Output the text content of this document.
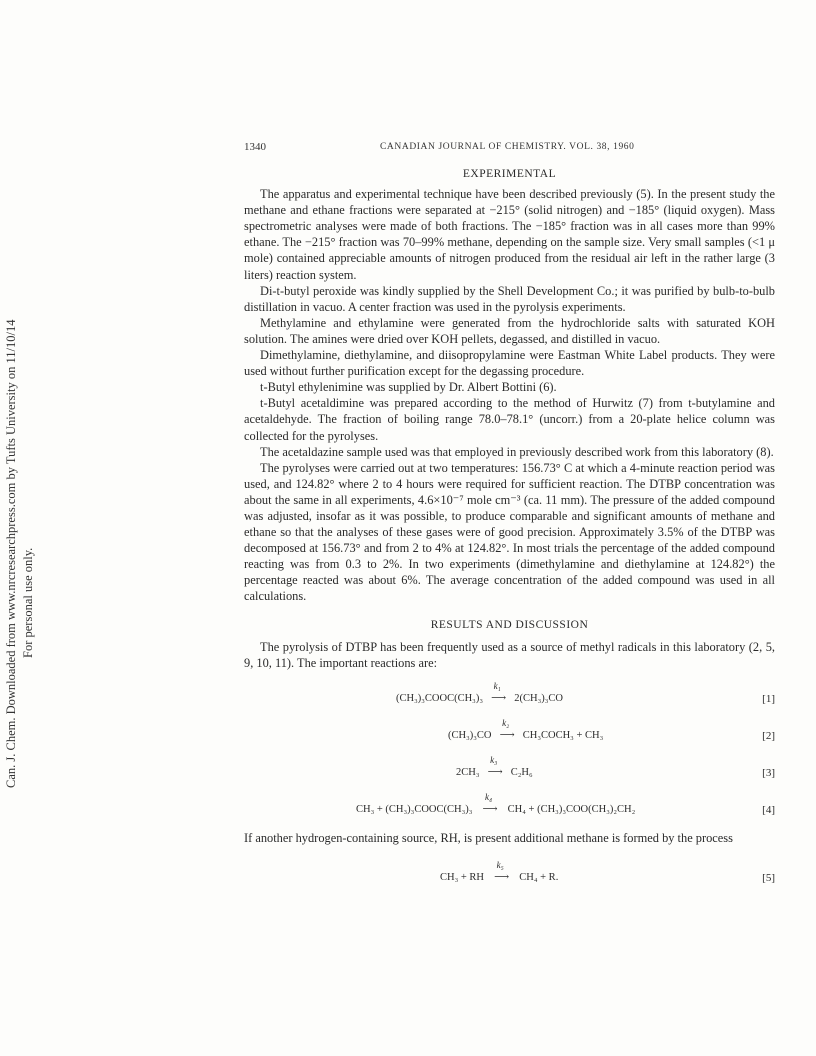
Can. J. Chem. Downloaded from www.nrcresearchpress.com by Tufts University on 11/10/14 For personal use only.
1340	CANADIAN JOURNAL OF CHEMISTRY. VOL. 38, 1960
EXPERIMENTAL

The apparatus and experimental technique have been described previously (5). In the present study the methane and ethane fractions were separated at −215° (solid nitrogen) and −185° (liquid oxygen). Mass spectrometric analyses were made of both fractions. The −185° fraction was in all cases more than 99% ethane. The −215° fraction was 70–99% methane, depending on the sample size. Very small samples (<1 μ mole) contained appreciable amounts of nitrogen produced from the residual air left in the rather large (3 liters) reaction system.

Di-t-butyl peroxide was kindly supplied by the Shell Development Co.; it was purified by bulb-to-bulb distillation in vacuo. A center fraction was used in the pyrolysis experiments.

Methylamine and ethylamine were generated from the hydrochloride salts with saturated KOH solution. The amines were dried over KOH pellets, degassed, and distilled in vacuo.

Dimethylamine, diethylamine, and diisopropylamine were Eastman White Label products. They were used without further purification except for the degassing procedure.

t-Butyl ethylenimine was supplied by Dr. Albert Bottini (6).

t-Butyl acetaldimine was prepared according to the method of Hurwitz (7) from t-butylamine and acetaldehyde. The fraction of boiling range 78.0–78.1° (uncorr.) from a 20-plate helice column was collected for the pyrolyses.

The acetaldazine sample used was that employed in previously described work from this laboratory (8).

The pyrolyses were carried out at two temperatures: 156.73° C at which a 4-minute reaction period was used, and 124.82° where 2 to 4 hours were required for sufficient reaction. The DTBP concentration was about the same in all experiments, 4.6×10⁻⁷ mole cm⁻³ (ca. 11 mm). The pressure of the added compound was adjusted, insofar as it was possible, to produce comparable and significant amounts of methane and ethane so that the analyses of these gases were of good precision. Approximately 3.5% of the DTBP was decomposed at 156.73° and from 2 to 4% at 124.82°. In most trials the percentage of the added compound reacting was from 0.3 to 2%. In two experiments (dimethylamine and diethylamine at 124.82°) the percentage reacted was about 6%. The average concentration of the added compound was used in all calculations.

RESULTS AND DISCUSSION

The pyrolysis of DTBP has been frequently used as a source of methyl radicals in this laboratory (2, 5, 9, 10, 11). The important reactions are:

(CH₃)₃COOC(CH₃)₃ ⟶
k₁
2(CH₃)₃CO	[1]
(CH₃)₃CO ⟶
k₂
CH₃COCH₃ + CH₃	[2]
2CH₃ ⟶
k₃
C₂H₆	[3]
CH₃ + (CH₃)₃COOC(CH₃)₃ ⟶
k₄
CH₄ + (CH₃)₃COO(CH₃)₂CH₂	[4]

If another hydrogen-containing source, RH, is present additional methane is formed by the process

CH₃ + RH ⟶
k₅
CH₄ + R.	[5]
